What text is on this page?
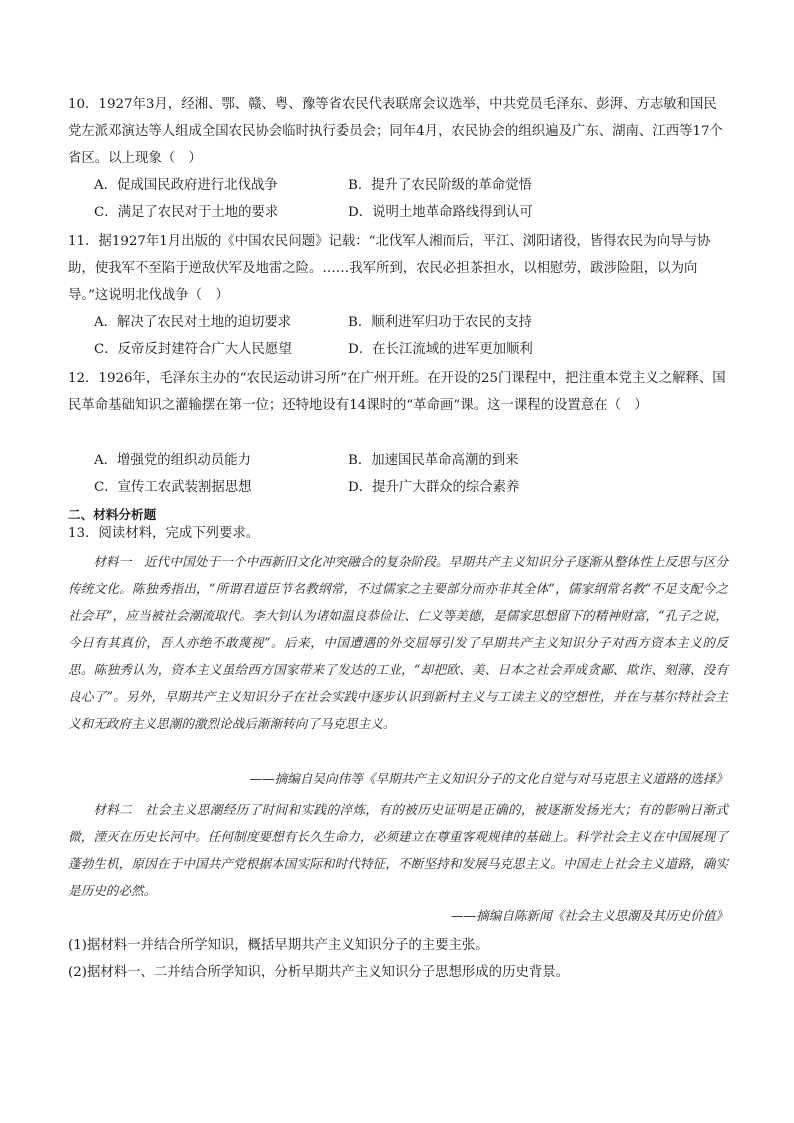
10．1927年3月，经湘、鄂、赣、粤、豫等省农民代表联席会议选举，中共党员毛泽东、彭湃、方志敏和国民党左派邓演达等人组成全国农民协会临时执行委员会；同年4月，农民协会的组织遍及广东、湖南、江西等17个省区。以上现象（　）

A．促成国民政府进行北伐战争	B．提升了农民阶级的革命觉悟
C．满足了农民对于土地的要求	D．说明土地革命路线得到认可

11．据1927年1月出版的《中国农民问题》记载：“北伐军人湘而后，平江、浏阳诸役，皆得农民为向导与协助，使我军不至陷于逆敌伏军及地雷之险。……我军所到，农民必担茶担水，以相慰劳，跋涉险阻，以为向导。”这说明北伐战争（　）

A．解决了农民对土地的迫切要求	B．顺利进军归功于农民的支持
C．反帝反封建符合广大人民愿望	D．在长江流域的进军更加顺利

12．1926年，毛泽东主办的“农民运动讲习所”在广州开班。在开设的25门课程中，把注重本党主义之解释、国民革命基础知识之灌输摆在第一位；还特地设有14课时的“革命画”课。这一课程的设置意在（　）

A．增强党的组织动员能力	B．加速国民革命高潮的到来
C．宣传工农武装割据思想	D．提升广大群众的综合素养
二、材料分析题

13．阅读材料，完成下列要求。

材料一　近代中国处于一个中西新旧文化冲突融合的复杂阶段。早期共产主义知识分子逐渐从整体性上反思与区分传统文化。陈独秀指出，“所谓君道臣节名教纲常，不过儒家之主要部分而亦非其全体”，儒家纲常名教“不足支配今之社会耳”，应当被社会潮流取代。李大钊认为诸如温良恭俭让、仁义等美德，是儒家思想留下的精神财富，“孔子之说，今日有其真价，吾人亦绝不敢蔑视”。后来，中国遭遇的外交屈辱引发了早期共产主义知识分子对西方资本主义的反思。陈独秀认为，资本主义虽给西方国家带来了发达的工业，“却把欧、美、日本之社会弄成贪鄙、欺诈、刻薄、没有良心了”。另外，早期共产主义知识分子在社会实践中逐步认识到新村主义与工读主义的空想性，并在与基尔特社会主义和无政府主义思潮的激烈论战后渐渐转向了马克思主义。

——摘编自吴向伟等《早期共产主义知识分子的文化自觉与对马克思主义道路的选择》

材料二　社会主义思潮经历了时间和实践的淬炼，有的被历史证明是正确的，被逐渐发扬光大；有的影响日渐式微，湮灭在历史长河中。任何制度要想有长久生命力，必须建立在尊重客观规律的基础上。科学社会主义在中国展现了蓬勃生机，原因在于中国共产党根据本国实际和时代特征，不断坚持和发展马克思主义。中国走上社会主义道路，确实是历史的必然。

——摘编自陈新闻《社会主义思潮及其历史价值》
(1)据材料一并结合所学知识，概括早期共产主义知识分子的主要主张。
(2)据材料一、二并结合所学知识，分析早期共产主义知识分子思想形成的历史背景。
